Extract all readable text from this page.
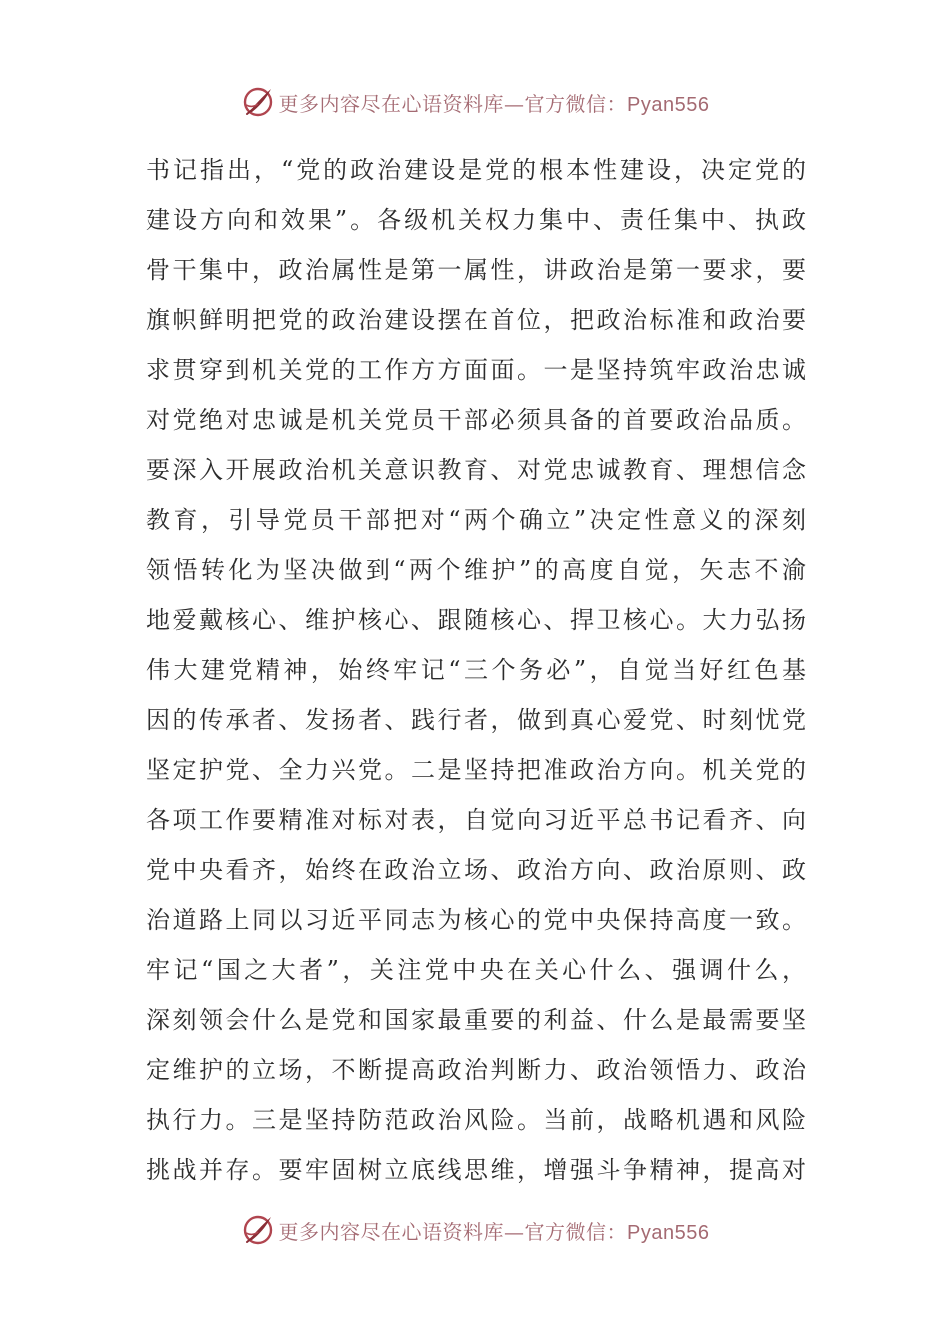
更多内容尽在心语资料库—官方微信：Pyan556
书记指出，“党的政治建设是党的根本性建设，决定党的
建设方向和效果”。各级机关权力集中、责任集中、执政
骨干集中，政治属性是第一属性，讲政治是第一要求，要
旗帜鲜明把党的政治建设摆在首位，把政治标准和政治要
求贯穿到机关党的工作方方面面。一是坚持筑牢政治忠诚
对党绝对忠诚是机关党员干部必须具备的首要政治品质。
要深入开展政治机关意识教育、对党忠诚教育、理想信念
教育，引导党员干部把对“两个确立”决定性意义的深刻
领悟转化为坚决做到“两个维护”的高度自觉，矢志不渝
地爱戴核心、维护核心、跟随核心、捍卫核心。大力弘扬
伟大建党精神，始终牢记“三个务必”，自觉当好红色基
因的传承者、发扬者、践行者，做到真心爱党、时刻忧党
坚定护党、全力兴党。二是坚持把准政治方向。机关党的
各项工作要精准对标对表，自觉向习近平总书记看齐、向
党中央看齐，始终在政治立场、政治方向、政治原则、政
治道路上同以习近平同志为核心的党中央保持高度一致。
牢记“国之大者”，关注党中央在关心什么、强调什么，
深刻领会什么是党和国家最重要的利益、什么是最需要坚
定维护的立场，不断提高政治判断力、政治领悟力、政治
执行力。三是坚持防范政治风险。当前，战略机遇和风险
挑战并存。要牢固树立底线思维，增强斗争精神，提高对
更多内容尽在心语资料库—官方微信：Pyan556
